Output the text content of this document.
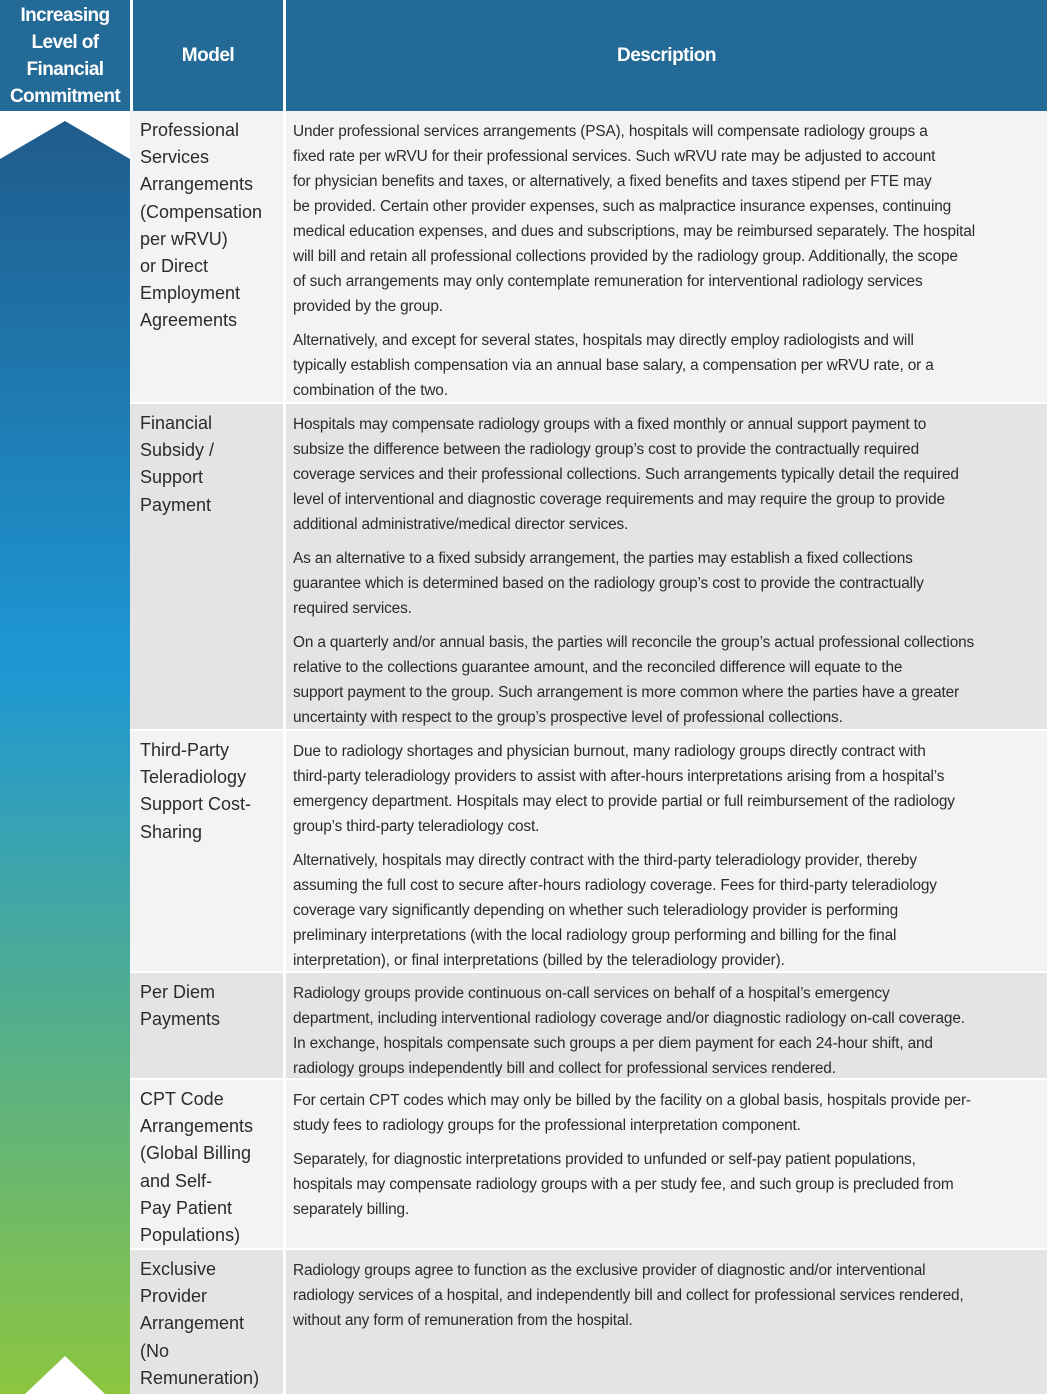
Increasing
Level of
Financial
Commitment
Model	Description
Professional
Services
Arrangements
(Compensation
per wRVU)
or Direct
Employment
Agreements

Under professional services arrangements (PSA), hospitals will compensate radiology groups a
fixed rate per wRVU for their professional services. Such wRVU rate may be adjusted to account
for physician benefits and taxes, or alternatively, a fixed benefits and taxes stipend per FTE may
be provided. Certain other provider expenses, such as malpractice insurance expenses, continuing
medical education expenses, and dues and subscriptions, may be reimbursed separately. The hospital
will bill and retain all professional collections provided by the radiology group. Additionally, the scope
of such arrangements may only contemplate remuneration for interventional radiology services
provided by the group.

Alternatively, and except for several states, hospitals may directly employ radiologists and will
typically establish compensation via an annual base salary, a compensation per wRVU rate, or a
combination of the two.

Financial
Subsidy /
Support
Payment

Hospitals may compensate radiology groups with a fixed monthly or annual support payment to
subsize the difference between the radiology group’s cost to provide the contractually required
coverage services and their professional collections. Such arrangements typically detail the required
level of interventional and diagnostic coverage requirements and may require the group to provide
additional administrative/medical director services.

As an alternative to a fixed subsidy arrangement, the parties may establish a fixed collections
guarantee which is determined based on the radiology group’s cost to provide the contractually
required services.

On a quarterly and/or annual basis, the parties will reconcile the group’s actual professional collections
relative to the collections guarantee amount, and the reconciled difference will equate to the
support payment to the group. Such arrangement is more common where the parties have a greater
uncertainty with respect to the group’s prospective level of professional collections.

Third-Party
Teleradiology
Support Cost-
Sharing

Due to radiology shortages and physician burnout, many radiology groups directly contract with
third-party teleradiology providers to assist with after-hours interpretations arising from a hospital’s
emergency department. Hospitals may elect to provide partial or full reimbursement of the radiology
group’s third-party teleradiology cost.

Alternatively, hospitals may directly contract with the third-party teleradiology provider, thereby
assuming the full cost to secure after-hours radiology coverage. Fees for third-party teleradiology
coverage vary significantly depending on whether such teleradiology provider is performing
preliminary interpretations (with the local radiology group performing and billing for the final
interpretation), or final interpretations (billed by the teleradiology provider).

Per Diem
Payments

Radiology groups provide continuous on-call services on behalf of a hospital’s emergency
department, including interventional radiology coverage and/or diagnostic radiology on-call coverage.
In exchange, hospitals compensate such groups a per diem payment for each 24-hour shift, and
radiology groups independently bill and collect for professional services rendered.

CPT Code
Arrangements
(Global Billing
and Self-
Pay Patient
Populations)

For certain CPT codes which may only be billed by the facility on a global basis, hospitals provide per-
study fees to radiology groups for the professional interpretation component.

Separately, for diagnostic interpretations provided to unfunded or self-pay patient populations,
hospitals may compensate radiology groups with a per study fee, and such group is precluded from
separately billing.

Exclusive
Provider
Arrangement
(No
Remuneration)

Radiology groups agree to function as the exclusive provider of diagnostic and/or interventional
radiology services of a hospital, and independently bill and collect for professional services rendered,
without any form of remuneration from the hospital.
